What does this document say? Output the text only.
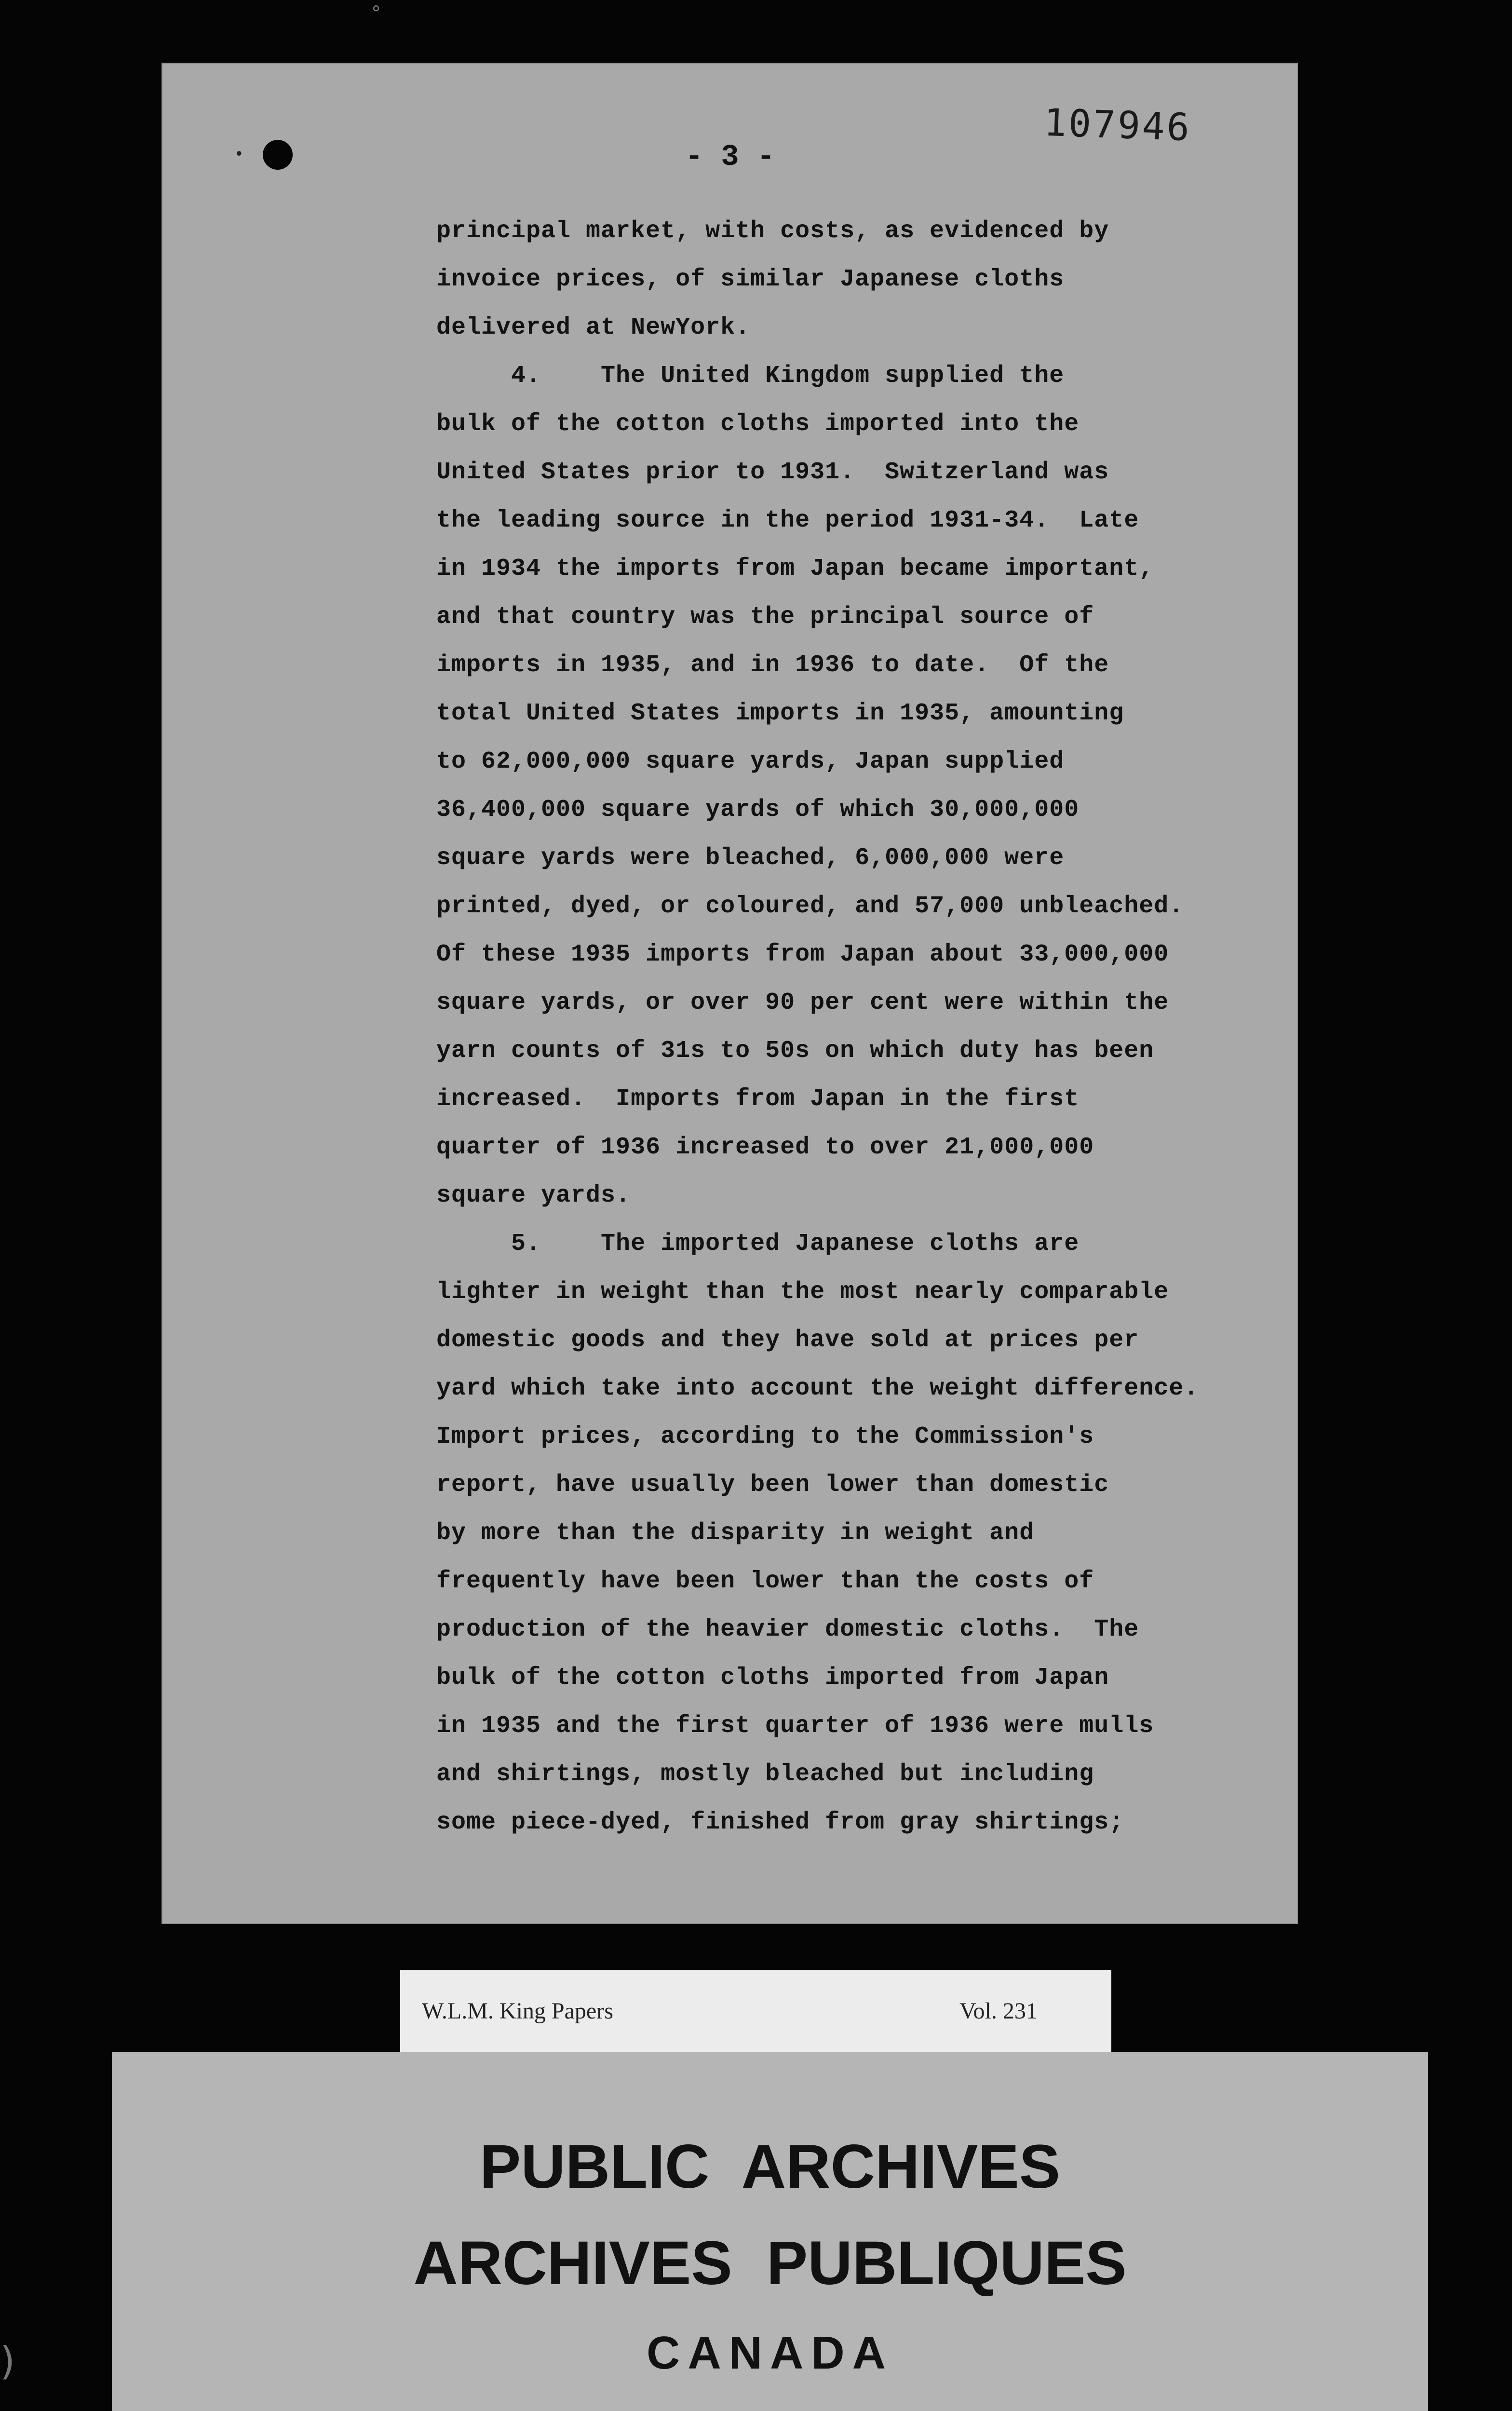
°
•
107946
- 3 -
principal market, with costs, as evidenced by
invoice prices, of similar Japanese cloths
delivered at NewYork.
4.    The United Kingdom supplied the
bulk of the cotton cloths imported into the
United States prior to 1931.  Switzerland was
the leading source in the period 1931-34.  Late
in 1934 the imports from Japan became important,
and that country was the principal source of
imports in 1935, and in 1936 to date.  Of the
total United States imports in 1935, amounting
to 62,000,000 square yards, Japan supplied
36,400,000 square yards of which 30,000,000
square yards were bleached, 6,000,000 were
printed, dyed, or coloured, and 57,000 unbleached.
Of these 1935 imports from Japan about 33,000,000
square yards, or over 90 per cent were within the
yarn counts of 31s to 50s on which duty has been
increased.  Imports from Japan in the first
quarter of 1936 increased to over 21,000,000
square yards.
5.    The imported Japanese cloths are
lighter in weight than the most nearly comparable
domestic goods and they have sold at prices per
yard which take into account the weight difference.
Import prices, according to the Commission's
report, have usually been lower than domestic
by more than the disparity in weight and
frequently have been lower than the costs of
production of the heavier domestic cloths.  The
bulk of the cotton cloths imported from Japan
in 1935 and the first quarter of 1936 were mulls
and shirtings, mostly bleached but including
some piece-dyed, finished from gray shirtings;
W.L.M. King Papers	Vol. 231
PUBLIC  ARCHIVES
ARCHIVES  PUBLIQUES
CANADA
)
